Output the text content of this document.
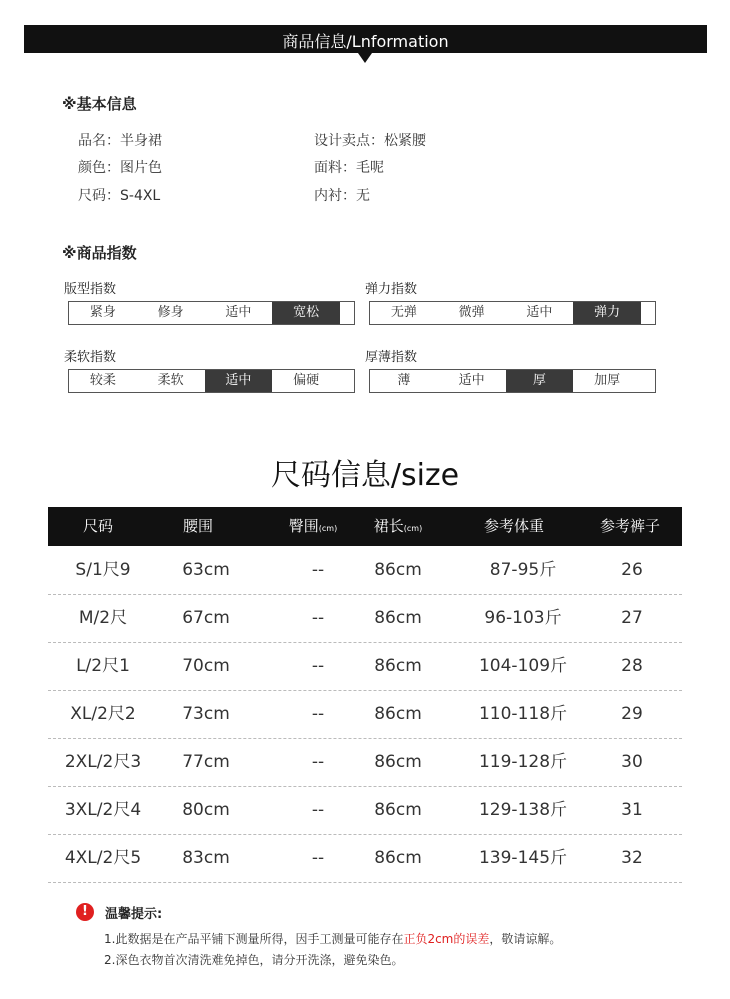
商品信息/Lnformation
※基本信息
品名：半身裙
颜色：图片色
尺码：S-4XL
设计卖点：松紧腰
面料：毛呢
内衬：无
※商品指数
版型指数
紧身	修身	适中	宽松
弹力指数
无弹	微弹	适中	弹力
柔软指数
较柔	柔软	适中	偏硬
厚薄指数
薄	适中	厚	加厚
尺码信息/size
尺码	腰围	臀围(cm)	裙长(cm)	参考体重	参考裤子
S/1尺9	63cm	--	86cm	87-95斤	26
M/2尺	67cm	--	86cm	96-103斤	27
L/2尺1	70cm	--	86cm	104-109斤	28
XL/2尺2	73cm	--	86cm	110-118斤	29
2XL/2尺3	77cm	--	86cm	119-128斤	30
3XL/2尺4	80cm	--	86cm	129-138斤	31
4XL/2尺5	83cm	--	86cm	139-145斤	32
!	温馨提示:
1.此数据是在产品平铺下测量所得，因手工测量可能存在正负2cm的误差，敬请谅解。
2.深色衣物首次清洗难免掉色，请分开洗涤，避免染色。
